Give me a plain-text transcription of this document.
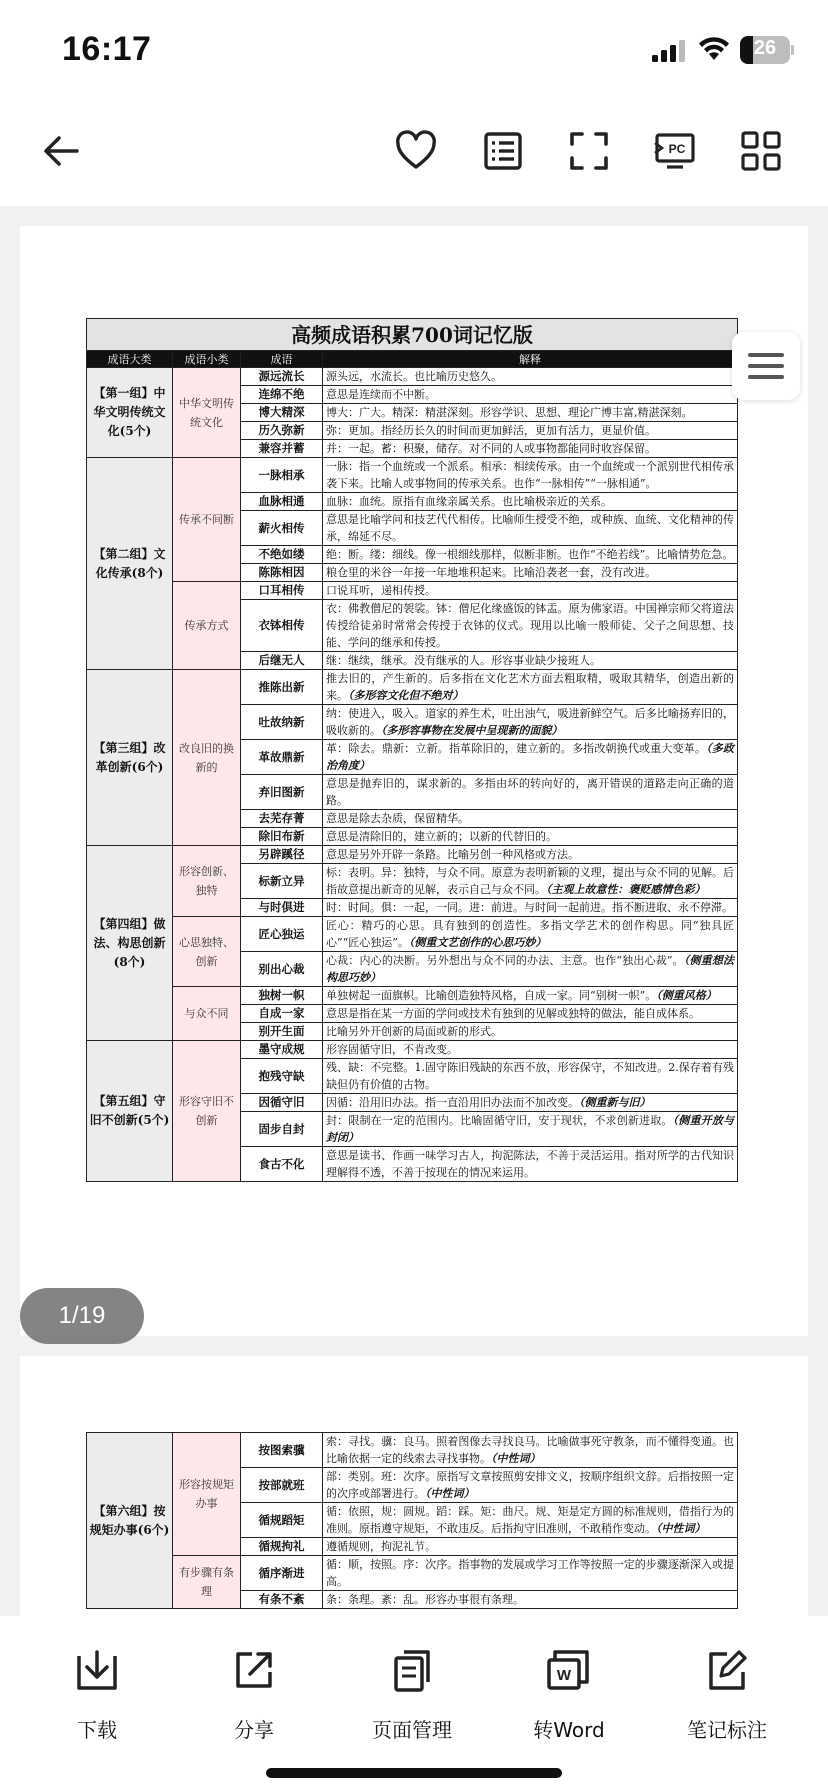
16:17	26
PC
高频成语积累700词记忆版			
成语大类	成语小类	成语	解释
【第一组】中华文明传统文化(5个)	中华文明传统文化	源远流长	源头远，水流长。也比喻历史悠久。
		连绵不绝	意思是连续而不中断。
		博大精深	博大：广大。精深：精湛深刻。形容学识、思想、理论广博丰富,精湛深刻。
		历久弥新	弥：更加。指经历长久的时间而更加鲜活，更加有活力，更显价值。
		兼容并蓄	并：一起。蓄：积聚，储存。对不同的人或事物都能同时收容保留。
【第二组】文化传承(8个)	传承不间断	一脉相承	一脉：指一个血统或一个派系。相承：相续传承。由一个血统或一个派别世代相传承袭下来。比喻人或事物间的传承关系。也作“一脉相传”“一脉相通”。
		血脉相通	血脉：血统。原指有血缘亲属关系。也比喻极亲近的关系。
		薪火相传	意思是比喻学问和技艺代代相传。比喻师生授受不绝，或种族、血统、文化精神的传承，绵延不尽。
		不绝如缕	绝：断。缕：细线。像一根细线那样，似断非断。也作“不绝若线”。比喻情势危急。
		陈陈相因	粮仓里的米谷一年接一年地堆积起来。比喻沿袭老一套，没有改进。
	传承方式	口耳相传	口说耳听，递相传授。
		衣钵相传	衣：佛教僧尼的袈裟。钵：僧尼化缘盛饭的钵盂。原为佛家语。中国禅宗师父将道法传授给徒弟时常常会传授于衣钵的仪式。现用以比喻一般师徒、父子之间思想、技能、学问的继承和传授。
		后继无人	继：继续，继承。没有继承的人。形容事业缺少接班人。
【第三组】改革创新(6个)	改良旧的换新的	推陈出新	推去旧的，产生新的。后多指在文化艺术方面去粗取精，吸取其精华，创造出新的来。（多形容文化但不绝对）
		吐故纳新	纳：使进入，吸入。道家的养生术，吐出浊气，吸进新鲜空气。后多比喻扬弃旧的，吸收新的。（多形容事物在发展中呈现新的面貌）
		革故鼎新	革：除去。鼎新：立新。指革除旧的，建立新的。多指改朝换代或重大变革。（多政治角度）
		弃旧图新	意思是抛弃旧的，谋求新的。多指由坏的转向好的，离开错误的道路走向正确的道路。
		去芜存菁	意思是除去杂质，保留精华。
		除旧布新	意思是清除旧的，建立新的；以新的代替旧的。
【第四组】做法、构思创新(8个)	形容创新、独特	另辟蹊径	意思是另外开辟一条路。比喻另创一种风格或方法。
		标新立异	标：表明。异：独特，与众不同。原意为表明新颖的义理，提出与众不同的见解。后指故意提出新奇的见解，表示自己与众不同。（主观上故意性：褒贬感情色彩）
		与时俱进	时：时间。俱：一起，一同。进：前进。与时间一起前进。指不断进取、永不停滞。
	心思独特、创新	匠心独运	匠心：精巧的心思。具有独到的创造性。多指文学艺术的创作构思。同“独具匠心”“匠心独运”。（侧重文艺创作的心思巧妙）
		别出心裁	心裁：内心的决断。另外想出与众不同的办法、主意。也作“独出心裁”。（侧重想法构思巧妙）
	与众不同	独树一帜	单独树起一面旗帜。比喻创造独特风格，自成一家。同“别树一帜”。（侧重风格）
		自成一家	意思是指在某一方面的学问或技术有独到的见解或独特的做法，能自成体系。
		别开生面	比喻另外开创新的局面或新的形式。
【第五组】守旧不创新(5个)	形容守旧不创新	墨守成规	形容固循守旧，不肯改变。
		抱残守缺	残、缺：不完整。1.固守陈旧残缺的东西不放，形容保守，不知改进。2.保存着有残缺但仍有价值的古物。
		因循守旧	因循：沿用旧办法。指一直沿用旧办法而不加改变。（侧重新与旧）
		固步自封	封：限制在一定的范围内。比喻固循守旧，安于现状，不求创新进取。（侧重开放与封闭）
		食古不化	意思是读书、作画一味学习古人，拘泥陈法，不善于灵活运用。指对所学的古代知识理解得不透，不善于按现在的情况来运用。
【第六组】按规矩办事(6个)	形容按规矩办事	按图索骥	索：寻找。骥：良马。照着图像去寻找良马。比喻做事死守教条，而不懂得变通。也比喻依据一定的线索去寻找事物。（中性词）
		按部就班	部：类别。班：次序。原指写文章按照剪安排文义，按顺序组织文辞。后指按照一定的次序或部署进行。（中性词）
		循规蹈矩	循：依照，规：圆规。蹈：踩。矩：曲尺。规、矩是定方圆的标准规则，借指行为的准则。原指遵守规矩，不敢违反。后指拘守旧准则，不敢稍作变动。（中性词）
		循规拘礼	遵循规则，拘泥礼节。
	有步骤有条理	循序渐进	循：顺，按照。序：次序。指事物的发展或学习工作等按照一定的步骤逐渐深入或提高。
		有条不紊	条：条理。紊：乱。形容办事很有条理。
1/19
下载	分享	页面管理
W
转Word	笔记标注
